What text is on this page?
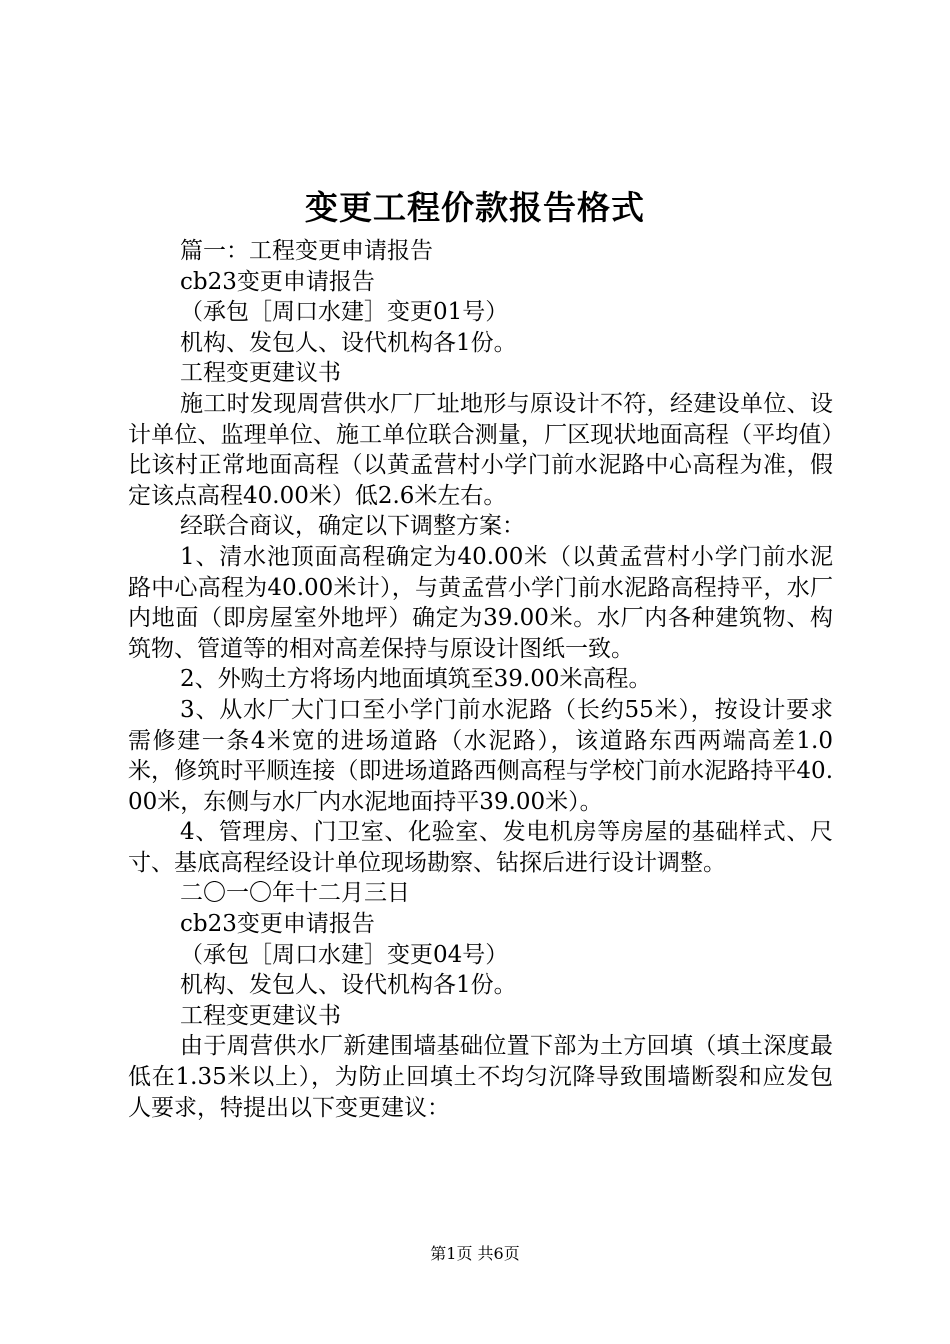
变更工程价款报告格式

篇一：工程变更申请报告

cb23变更申请报告

（承包［周口水建］变更01号）

机构、发包人、设代机构各1份。

工程变更建议书

施工时发现周营供水厂厂址地形与原设计不符，经建设单位、设计单位、监理单位、施工单位联合测量，厂区现状地面高程（平均值）比该村正常地面高程（以黄孟营村小学门前水泥路中心高程为准，假定该点高程40.00米）低2.6米左右。

经联合商议，确定以下调整方案：

1、清水池顶面高程确定为40.00米（以黄孟营村小学门前水泥路中心高程为40.00米计），与黄孟营小学门前水泥路高程持平，水厂内地面（即房屋室外地坪）确定为39.00米。水厂内各种建筑物、构筑物、管道等的相对高差保持与原设计图纸一致。

2、外购土方将场内地面填筑至39.00米高程。

3、从水厂大门口至小学门前水泥路（长约55米），按设计要求需修建一条4米宽的进场道路（水泥路），该道路东西两端高差1.0米，修筑时平顺连接（即进场道路西侧高程与学校门前水泥路持平40.00米，东侧与水厂内水泥地面持平39.00米）。

4、管理房、门卫室、化验室、发电机房等房屋的基础样式、尺寸、基底高程经设计单位现场勘察、钻探后进行设计调整。

二〇一〇年十二月三日

cb23变更申请报告

（承包［周口水建］变更04号）

机构、发包人、设代机构各1份。

工程变更建议书

由于周营供水厂新建围墙基础位置下部为土方回填（填土深度最低在1.35米以上），为防止回填土不均匀沉降导致围墙断裂和应发包人要求，特提出以下变更建议：

第1页 共6页
